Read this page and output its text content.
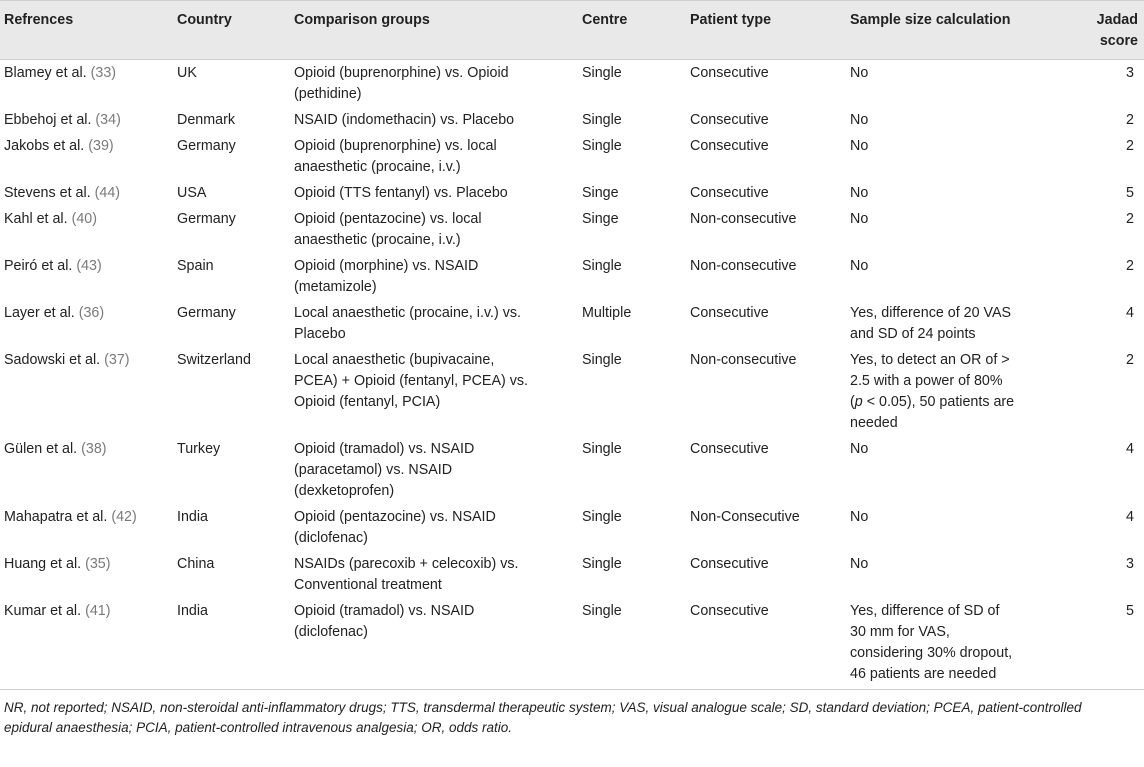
Refrences	Country	Comparison groups	Centre	Patient type	Sample size calculation	Jadad
score

Blamey et al. (33)	UK	Opioid (buprenorphine) vs. Opioid
(pethidine)	Single	Consecutive	No	3
Ebbehoj et al. (34)	Denmark	NSAID (indomethacin) vs. Placebo	Single	Consecutive	No	2
Jakobs et al. (39)	Germany	Opioid (buprenorphine) vs. local
anaesthetic (procaine, i.v.)	Single	Consecutive	No	2
Stevens et al. (44)	USA	Opioid (TTS fentanyl) vs. Placebo	Singe	Consecutive	No	5
Kahl et al. (40)	Germany	Opioid (pentazocine) vs. local
anaesthetic (procaine, i.v.)	Singe	Non-consecutive	No	2
Peiró et al. (43)	Spain	Opioid (morphine) vs. NSAID
(metamizole)	Single	Non-consecutive	No	2
Layer et al. (36)	Germany	Local anaesthetic (procaine, i.v.) vs.
Placebo	Multiple	Consecutive	Yes, difference of 20 VAS
and SD of 24 points	4
Sadowski et al. (37)	Switzerland	Local anaesthetic (bupivacaine,
PCEA) + Opioid (fentanyl, PCEA) vs.
Opioid (fentanyl, PCIA)	Single	Non-consecutive	Yes, to detect an OR of >
2.5 with a power of 80%
(p < 0.05), 50 patients are
needed	2
Gülen et al. (38)	Turkey	Opioid (tramadol) vs. NSAID
(paracetamol) vs. NSAID
(dexketoprofen)	Single	Consecutive	No	4
Mahapatra et al. (42)	India	Opioid (pentazocine) vs. NSAID
(diclofenac)	Single	Non-Consecutive	No	4
Huang et al. (35)	China	NSAIDs (parecoxib + celecoxib) vs.
Conventional treatment	Single	Consecutive	No	3
Kumar et al. (41)	India	Opioid (tramadol) vs. NSAID
(diclofenac)	Single	Consecutive	Yes, difference of SD of
30 mm for VAS,
considering 30% dropout,
46 patients are needed	5
NR, not reported; NSAID, non-steroidal anti-inflammatory drugs; TTS, transdermal therapeutic system; VAS, visual analogue scale; SD, standard deviation; PCEA, patient-controlled
epidural anaesthesia; PCIA, patient-controlled intravenous analgesia; OR, odds ratio.
